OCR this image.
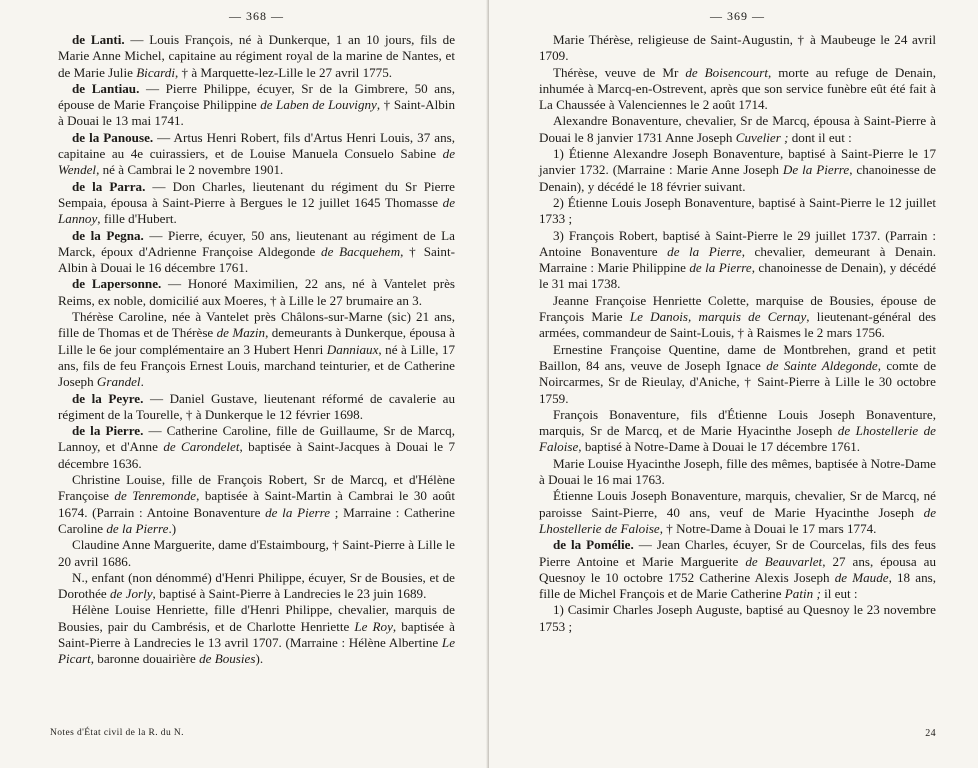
— 368 —

de Lanti. — Louis François, né à Dunkerque, 1 an 10 jours, fils de Marie Anne Michel, capitaine au régiment royal de la marine de Nantes, et de Marie Julie Bicardi, † à Marquette-lez-Lille le 27 avril 1775.

de Lantiau. — Pierre Philippe, écuyer, Sr de la Gimbrere, 50 ans, épouse de Marie Françoise Philippine de Laben de Louvigny, † Saint-Albin à Douai le 13 mai 1741.

de la Panouse. — Artus Henri Robert, fils d'Artus Henri Louis, 37 ans, capitaine au 4e cuirassiers, et de Louise Manuela Consuelo Sabine de Wendel, né à Cambrai le 2 novembre 1901.

de la Parra. — Don Charles, lieutenant du régiment du Sr Pierre Sempaia, épousa à Saint-Pierre à Bergues le 12 juillet 1645 Thomasse de Lannoy, fille d'Hubert.

de la Pegna. — Pierre, écuyer, 50 ans, lieutenant au régiment de La Marck, époux d'Adrienne Françoise Aldegonde de Bacquehem, † Saint-Albin à Douai le 16 décembre 1761.

de Lapersonne. — Honoré Maximilien, 22 ans, né à Vantelet près Reims, ex noble, domicilié aux Moeres, † à Lille le 27 brumaire an 3.

Thérèse Caroline, née à Vantelet près Châlons-sur-Marne (sic) 21 ans, fille de Thomas et de Thérèse de Mazin, demeurants à Dunkerque, épousa à Lille le 6e jour complémentaire an 3 Hubert Henri Danniaux, né à Lille, 17 ans, fils de feu François Ernest Louis, marchand teinturier, et de Catherine Joseph Grandel.

de la Peyre. — Daniel Gustave, lieutenant réformé de cavalerie au régiment de la Tourelle, † à Dunkerque le 12 février 1698.

de la Pierre. — Catherine Caroline, fille de Guillaume, Sr de Marcq, Lannoy, et d'Anne de Carondelet, baptisée à Saint-Jacques à Douai le 7 décembre 1636.

Christine Louise, fille de François Robert, Sr de Marcq, et d'Hélène Françoise de Tenremonde, baptisée à Saint-Martin à Cambrai le 30 août 1674. (Parrain : Antoine Bonaventure de la Pierre ; Marraine : Catherine Caroline de la Pierre.)

Claudine Anne Marguerite, dame d'Estaimbourg, † Saint-Pierre à Lille le 20 avril 1686.

N., enfant (non dénommé) d'Henri Philippe, écuyer, Sr de Bousies, et de Dorothée de Jorly, baptisé à Saint-Pierre à Landrecies le 23 juin 1689.

Hélène Louise Henriette, fille d'Henri Philippe, chevalier, marquis de Bousies, pair du Cambrésis, et de Charlotte Henriette Le Roy, baptisée à Saint-Pierre à Landrecies le 13 avril 1707. (Marraine : Hélène Albertine Le Picart, baronne douairière de Bousies).

— 369 —

Marie Thérèse, religieuse de Saint-Augustin, † à Maubeuge le 24 avril 1709.

Thérèse, veuve de Mr de Boisencourt, morte au refuge de Denain, inhumée à Marcq-en-Ostrevent, après que son service funèbre eût été fait à La Chaussée à Valenciennes le 2 août 1714.

Alexandre Bonaventure, chevalier, Sr de Marcq, épousa à Saint-Pierre à Douai le 8 janvier 1731 Anne Joseph Cuvelier ; dont il eut :

1) Étienne Alexandre Joseph Bonaventure, baptisé à Saint-Pierre le 17 janvier 1732. (Marraine : Marie Anne Joseph De la Pierre, chanoinesse de Denain), y décédé le 18 février suivant.

2) Étienne Louis Joseph Bonaventure, baptisé à Saint-Pierre le 12 juillet 1733 ;

3) François Robert, baptisé à Saint-Pierre le 29 juillet 1737. (Parrain : Antoine Bonaventure de la Pierre, chevalier, demeurant à Denain. Marraine : Marie Philippine de la Pierre, chanoinesse de Denain), y décédé le 31 mai 1738.

Jeanne Françoise Henriette Colette, marquise de Bousies, épouse de François Marie Le Danois, marquis de Cernay, lieutenant-général des armées, commandeur de Saint-Louis, † à Raismes le 2 mars 1756.

Ernestine Françoise Quentine, dame de Montbrehen, grand et petit Baillon, 84 ans, veuve de Joseph Ignace de Sainte Aldegonde, comte de Noircarmes, Sr de Rieulay, d'Aniche, † Saint-Pierre à Lille le 30 octobre 1759.

François Bonaventure, fils d'Étienne Louis Joseph Bonaventure, marquis, Sr de Marcq, et de Marie Hyacinthe Joseph de Lhostellerie de Faloise, baptisé à Notre-Dame à Douai le 17 décembre 1761.

Marie Louise Hyacinthe Joseph, fille des mêmes, baptisée à Notre-Dame à Douai le 16 mai 1763.

Étienne Louis Joseph Bonaventure, marquis, chevalier, Sr de Marcq, né paroisse Saint-Pierre, 40 ans, veuf de Marie Hyacinthe Joseph de Lhostellerie de Faloise, † Notre-Dame à Douai le 17 mars 1774.

de la Pomélie. — Jean Charles, écuyer, Sr de Courcelas, fils des feus Pierre Antoine et Marie Marguerite de Beauvarlet, 27 ans, épousa au Quesnoy le 10 octobre 1752 Catherine Alexis Joseph de Maude, 18 ans, fille de Michel François et de Marie Catherine Patin ; il eut :

1) Casimir Charles Joseph Auguste, baptisé au Quesnoy le 23 novembre 1753 ;

Notes d'État civil de la R. du N.	24
